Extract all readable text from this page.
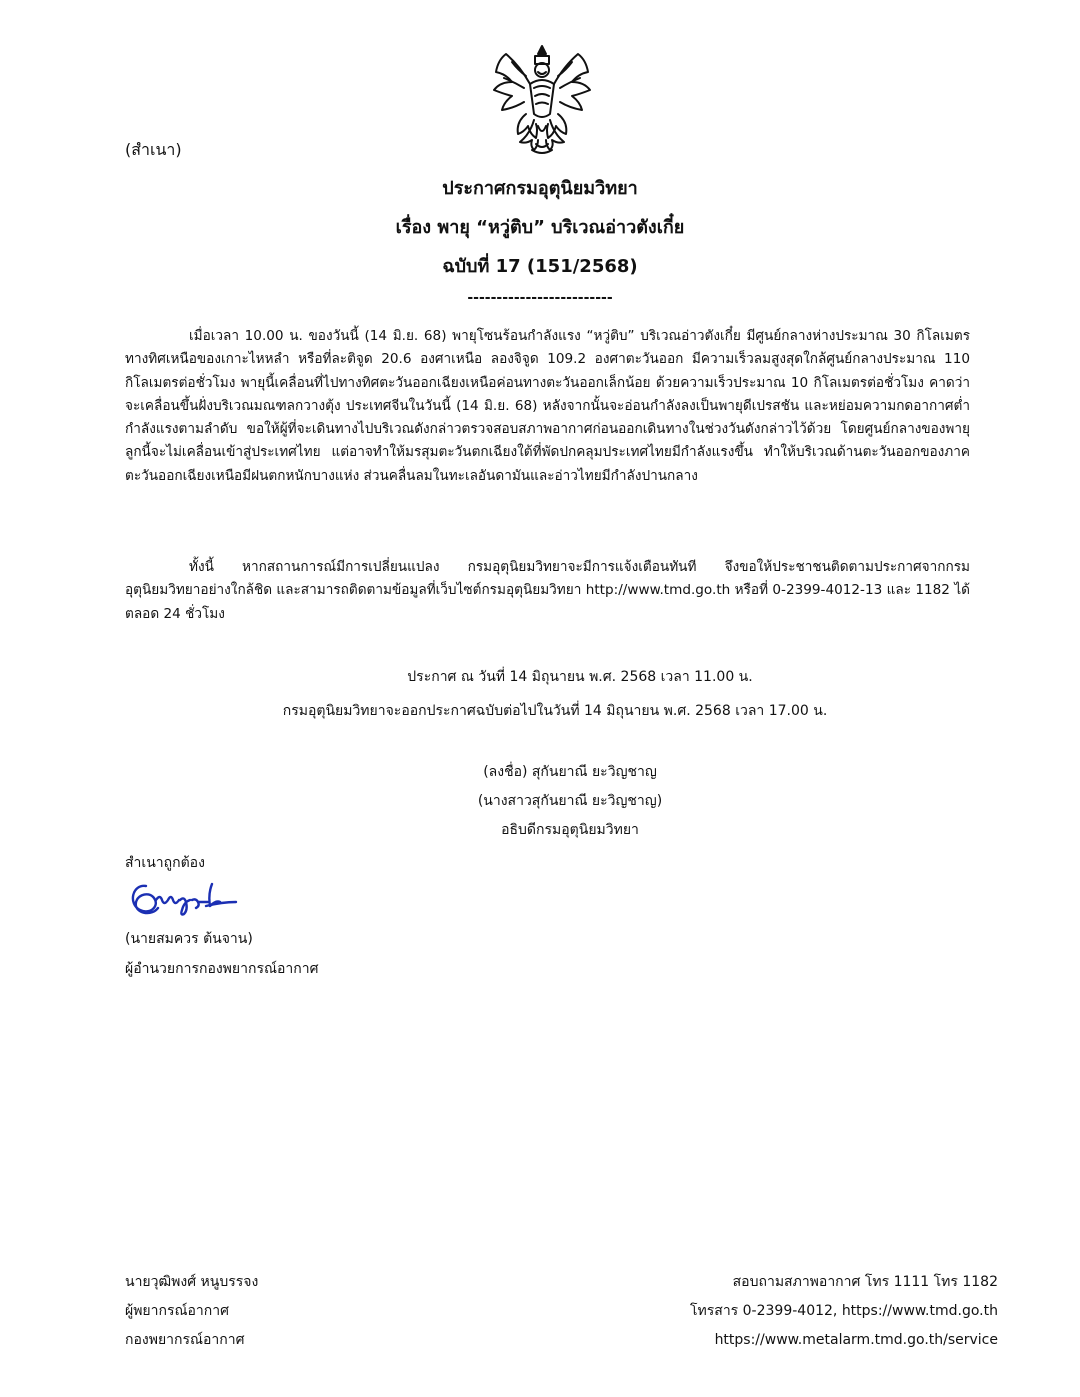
(สำเนา)
ประกาศกรมอุตุนิยมวิทยา
เรื่อง พายุ “หวู่ติบ” บริเวณอ่าวตังเกี๋ย
ฉบับที่ 17 (151/2568)
-------------------------

เมื่อเวลา 10.00 น. ของวันนี้ (14 มิ.ย. 68) พายุโซนร้อนกำลังแรง “หวู่ติบ” บริเวณอ่าวตังเกี๋ย มีศูนย์กลางห่างประมาณ 30 กิโลเมตร ทางทิศเหนือของเกาะไหหลำ หรือที่ละติจูด 20.6 องศาเหนือ ลองจิจูด 109.2 องศาตะวันออก มีความเร็วลมสูงสุดใกล้ศูนย์กลางประมาณ 110 กิโลเมตรต่อชั่วโมง พายุนี้เคลื่อนที่ไปทางทิศตะวันออกเฉียงเหนือค่อนทางตะวันออกเล็กน้อย ด้วยความเร็วประมาณ 10 กิโลเมตรต่อชั่วโมง คาดว่าจะเคลื่อนขึ้นฝั่งบริเวณมณฑลกวางตุ้ง ประเทศจีนในวันนี้ (14 มิ.ย. 68) หลังจากนั้นจะอ่อนกำลังลงเป็นพายุดีเปรสชัน และหย่อมความกดอากาศต่ำกำลังแรงตามลำดับ ขอให้ผู้ที่จะเดินทางไปบริเวณดังกล่าวตรวจสอบสภาพอากาศก่อนออกเดินทางในช่วงวันดังกล่าวไว้ด้วย โดยศูนย์กลางของพายุลูกนี้จะไม่เคลื่อนเข้าสู่ประเทศไทย แต่อาจทำให้มรสุมตะวันตกเฉียงใต้ที่พัดปกคลุมประเทศไทยมีกำลังแรงขึ้น ทำให้บริเวณด้านตะวันออกของภาคตะวันออกเฉียงเหนือมีฝนตกหนักบางแห่ง ส่วนคลื่นลมในทะเลอันดามันและอ่าวไทยมีกำลังปานกลาง

ทั้งนี้ หากสถานการณ์มีการเปลี่ยนแปลง กรมอุตุนิยมวิทยาจะมีการแจ้งเตือนทันที จึงขอให้ประชาชนติดตามประกาศจากกรมอุตุนิยมวิทยาอย่างใกล้ชิด และสามารถติดตามข้อมูลที่เว็บไซต์กรมอุตุนิยมวิทยา http://www.tmd.go.th หรือที่ 0-2399-4012-13 และ 1182 ได้ตลอด 24 ชั่วโมง

ประกาศ ณ วันที่ 14 มิถุนายน พ.ศ. 2568 เวลา 11.00 น.
กรมอุตุนิยมวิทยาจะออกประกาศฉบับต่อไปในวันที่ 14 มิถุนายน พ.ศ. 2568 เวลา 17.00 น.
(ลงชื่อ) สุกันยาณี ยะวิญชาญ
(นางสาวสุกันยาณี ยะวิญชาญ)
อธิบดีกรมอุตุนิยมวิทยา
สำเนาถูกต้อง
(นายสมควร ต้นจาน)
ผู้อำนวยการกองพยากรณ์อากาศ
นายวุฒิพงศ์ หนูบรรจง
ผู้พยากรณ์อากาศ
กองพยากรณ์อากาศ
สอบถามสภาพอากาศ โทร 1111 โทร 1182
โทรสาร 0-2399-4012, https://www.tmd.go.th
https://www.metalarm.tmd.go.th/service
